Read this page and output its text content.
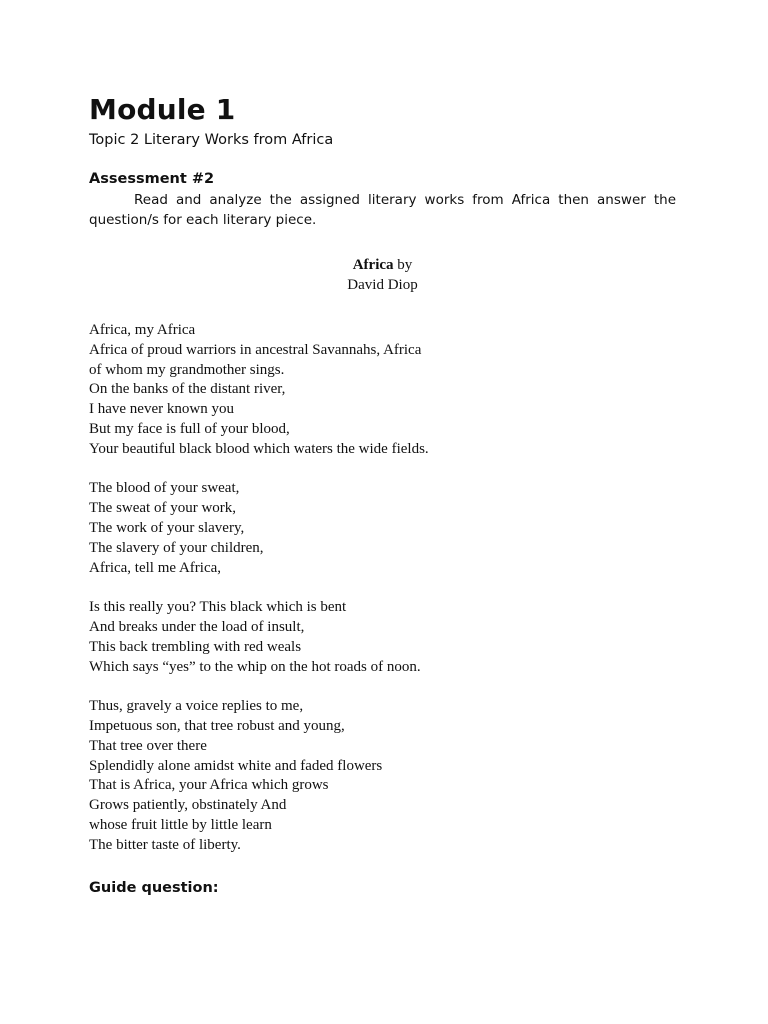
Module 1

Topic 2 Literary Works from Africa

Assessment #2

Read and analyze the assigned literary works from Africa then answer the question/s for each literary piece.

Africa by
David Diop
Africa, my Africa
Africa of proud warriors in ancestral Savannahs, Africa
of whom my grandmother sings.
On the banks of the distant river,
I have never known you
But my face is full of your blood,
Your beautiful black blood which waters the wide fields.
The blood of your sweat,
The sweat of your work,
The work of your slavery,
The slavery of your children,
Africa, tell me Africa,
Is this really you? This black which is bent
And breaks under the load of insult,
This back trembling with red weals
Which says “yes” to the whip on the hot roads of noon.
Thus, gravely a voice replies to me,
Impetuous son, that tree robust and young,
That tree over there
Splendidly alone amidst white and faded flowers
That is Africa, your Africa which grows
Grows patiently, obstinately And
whose fruit little by little learn
The bitter taste of liberty.

Guide question:
